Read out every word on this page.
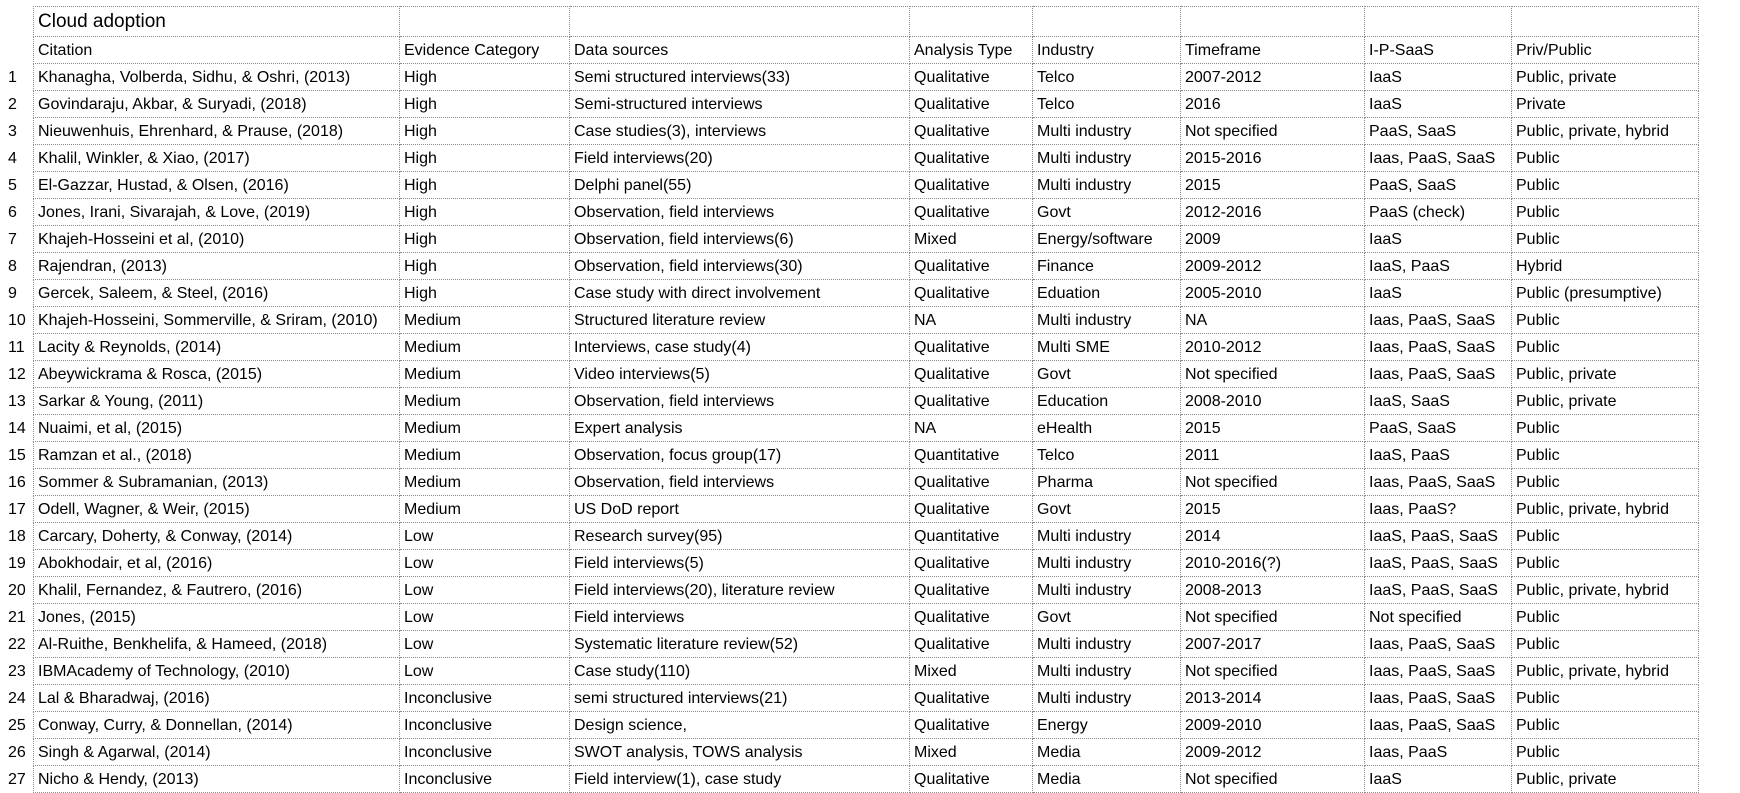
	Cloud adoption							
	Citation	Evidence Category	Data sources	Analysis Type	Industry	Timeframe	I-P-SaaS	Priv/Public
1	Khanagha, Volberda, Sidhu, & Oshri, (2013)	High	Semi structured interviews(33)	Qualitative	Telco	2007-2012	IaaS	Public, private
2	Govindaraju, Akbar, & Suryadi, (2018)	High	Semi-structured interviews	Qualitative	Telco	2016	IaaS	Private
3	Nieuwenhuis, Ehrenhard, & Prause, (2018)	High	Case studies(3), interviews	Qualitative	Multi industry	Not specified	PaaS, SaaS	Public, private, hybrid
4	Khalil, Winkler, & Xiao, (2017)	High	Field interviews(20)	Qualitative	Multi industry	2015-2016	Iaas, PaaS, SaaS	Public
5	El-Gazzar, Hustad, & Olsen, (2016)	High	Delphi panel(55)	Qualitative	Multi industry	2015	PaaS, SaaS	Public
6	Jones, Irani, Sivarajah, & Love, (2019)	High	Observation, field interviews	Qualitative	Govt	2012-2016	PaaS (check)	Public
7	Khajeh-Hosseini et al, (2010)	High	Observation, field interviews(6)	Mixed	Energy/software	2009	IaaS	Public
8	Rajendran, (2013)	High	Observation, field interviews(30)	Qualitative	Finance	2009-2012	IaaS, PaaS	Hybrid
9	Gercek, Saleem, & Steel, (2016)	High	Case study with direct involvement	Qualitative	Eduation	2005-2010	IaaS	Public (presumptive)
10	Khajeh-Hosseini, Sommerville, & Sriram, (2010)	Medium	Structured literature review	NA	Multi industry	NA	Iaas, PaaS, SaaS	Public
11	Lacity & Reynolds, (2014)	Medium	Interviews, case study(4)	Qualitative	Multi SME	2010-2012	Iaas, PaaS, SaaS	Public
12	Abeywickrama & Rosca, (2015)	Medium	Video interviews(5)	Qualitative	Govt	Not specified	Iaas, PaaS, SaaS	Public, private
13	Sarkar & Young, (2011)	Medium	Observation, field interviews	Qualitative	Education	2008-2010	IaaS, SaaS	Public, private
14	Nuaimi, et al, (2015)	Medium	Expert analysis	NA	eHealth	2015	PaaS, SaaS	Public
15	Ramzan et al., (2018)	Medium	Observation, focus group(17)	Quantitative	Telco	2011	IaaS, PaaS	Public
16	Sommer & Subramanian, (2013)	Medium	Observation, field interviews	Qualitative	Pharma	Not specified	Iaas, PaaS, SaaS	Public
17	Odell, Wagner, & Weir, (2015)	Medium	US DoD report	Qualitative	Govt	2015	Iaas, PaaS?	Public, private, hybrid
18	Carcary, Doherty, & Conway, (2014)	Low	Research survey(95)	Quantitative	Multi industry	2014	IaaS, PaaS, SaaS	Public
19	Abokhodair, et al, (2016)	Low	Field interviews(5)	Qualitative	Multi industry	2010-2016(?)	IaaS, PaaS, SaaS	Public
20	Khalil, Fernandez, & Fautrero, (2016)	Low	Field interviews(20), literature review	Qualitative	Multi industry	2008-2013	IaaS, PaaS, SaaS	Public, private, hybrid
21	Jones, (2015)	Low	Field interviews	Qualitative	Govt	Not specified	Not specified	Public
22	Al-Ruithe, Benkhelifa, & Hameed, (2018)	Low	Systematic literature review(52)	Qualitative	Multi industry	2007-2017	Iaas, PaaS, SaaS	Public
23	IBMAcademy of Technology, (2010)	Low	Case study(110)	Mixed	Multi industry	Not specified	Iaas, PaaS, SaaS	Public, private, hybrid
24	Lal & Bharadwaj, (2016)	Inconclusive	semi structured interviews(21)	Qualitative	Multi industry	2013-2014	Iaas, PaaS, SaaS	Public
25	Conway, Curry, & Donnellan, (2014)	Inconclusive	Design science,	Qualitative	Energy	2009-2010	Iaas, PaaS, SaaS	Public
26	Singh & Agarwal, (2014)	Inconclusive	SWOT analysis, TOWS analysis	Mixed	Media	2009-2012	Iaas, PaaS	Public
27	Nicho & Hendy, (2013)	Inconclusive	Field interview(1), case study	Qualitative	Media	Not specified	IaaS	Public, private
